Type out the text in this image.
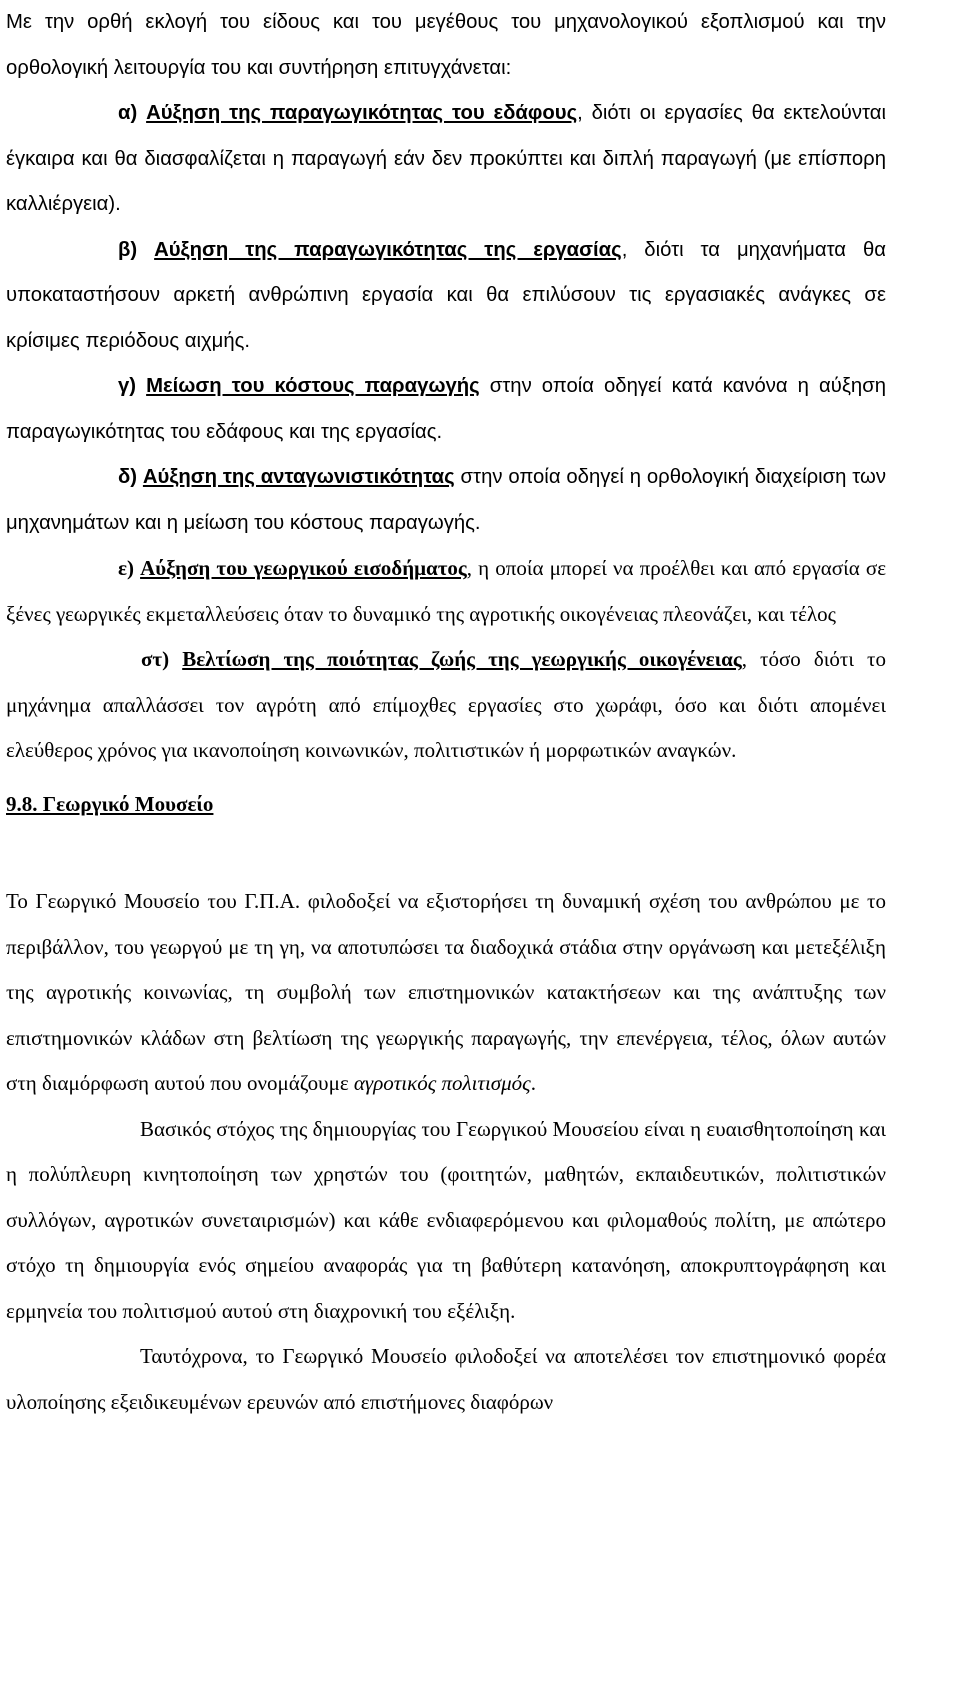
Με την ορθή εκλογή του είδους και του μεγέθους του μηχανολογικού εξοπλισμού και την ορθολογική λειτουργία του και συντήρηση επιτυγχάνεται:

α) Αύξηση της παραγωγικότητας του εδάφους, διότι οι εργασίες θα εκτελούνται έγκαιρα και θα διασφαλίζεται η παραγωγή εάν δεν προκύπτει και διπλή παραγωγή (με επίσπορη καλλιέργεια).

β) Αύξηση της παραγωγικότητας της εργασίας, διότι τα μηχανήματα θα υποκαταστήσουν αρκετή ανθρώπινη εργασία και θα επιλύσουν τις εργασιακές ανάγκες σε κρίσιμες περιόδους αιχμής.

γ) Μείωση του κόστους παραγωγής στην οποία οδηγεί κατά κανόνα η αύξηση παραγωγικότητας του εδάφους και της εργασίας.

δ) Αύξηση της ανταγωνιστικότητας στην οποία οδηγεί η ορθολογική διαχείριση των μηχανημάτων και η μείωση του κόστους παραγωγής.

ε) Αύξηση του γεωργικού εισοδήματος, η οποία μπορεί να προέλθει και από εργασία σε ξένες γεωργικές εκμεταλλεύσεις όταν το δυναμικό της αγροτικής οικογένειας πλεονάζει, και τέλος

στ) Βελτίωση της ποιότητας ζωής της γεωργικής οικογένειας, τόσο διότι το μηχάνημα απαλλάσσει τον αγρότη από επίμοχθες εργασίες στο χωράφι, όσο και διότι απομένει ελεύθερος χρόνος για ικανοποίηση κοινωνικών, πολιτιστικών ή μορφωτικών αναγκών.

9.8. Γεωργικό Μουσείο

Το Γεωργικό Μουσείο του Γ.Π.Α. φιλοδοξεί να εξιστορήσει τη δυναμική σχέση του ανθρώπου με το περιβάλλον, του γεωργού με τη γη, να αποτυπώσει τα διαδοχικά στάδια στην οργάνωση και μετεξέλιξη της αγροτικής κοινωνίας, τη συμβολή των επιστημονικών κατακτήσεων και της ανάπτυξης των επιστημονικών κλάδων στη βελτίωση της γεωργικής παραγωγής, την επενέργεια, τέλος, όλων αυτών στη διαμόρφωση αυτού που ονομάζουμε αγροτικός πολιτισμός.

Βασικός στόχος της δημιουργίας του Γεωργικού Μουσείου είναι η ευαισθητοποίηση και η πολύπλευρη κινητοποίηση των χρηστών του (φοιτητών, μαθητών, εκπαιδευτικών, πολιτιστικών συλλόγων, αγροτικών συνεταιρισμών) και κάθε ενδιαφερόμενου και φιλομαθούς πολίτη, με απώτερο στόχο τη δημιουργία ενός σημείου αναφοράς για τη βαθύτερη κατανόηση, αποκρυπτογράφηση και ερμηνεία του πολιτισμού αυτού στη διαχρονική του εξέλιξη.

Ταυτόχρονα, το Γεωργικό Μουσείο φιλοδοξεί να αποτελέσει τον επιστημονικό φορέα υλοποίησης εξειδικευμένων ερευνών από επιστήμονες διαφόρων
